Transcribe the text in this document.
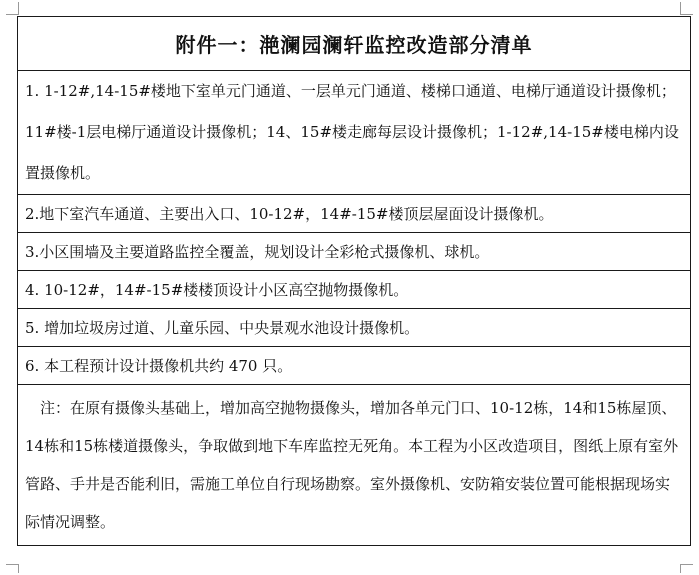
附件一：滟澜园澜轩监控改造部分清单
1. 1-12#,14-15#楼地下室单元门通道、一层单元门通道、楼梯口通道、电梯厅通道设计摄像机；11#楼-1层电梯厅通道设计摄像机；14、15#楼走廊每层设计摄像机；1-12#,14-15#楼电梯内设置摄像机。
2.地下室汽车通道、主要出入口、10-12#，14#-15#楼顶层屋面设计摄像机。
3.小区围墙及主要道路监控全覆盖，规划设计全彩枪式摄像机、球机。
4. 10-12#，14#-15#楼楼顶设计小区高空抛物摄像机。
5. 增加垃圾房过道、儿童乐园、中央景观水池设计摄像机。
6. 本工程预计设计摄像机共约 470 只。
注：在原有摄像头基础上，增加高空抛物摄像头，增加各单元门口、10-12栋，14和15栋屋顶、14栋和15栋楼道摄像头，争取做到地下车库监控无死角。本工程为小区改造项目，图纸上原有室外管路、手井是否能利旧，需施工单位自行现场勘察。室外摄像机、安防箱安装位置可能根据现场实际情况调整。
